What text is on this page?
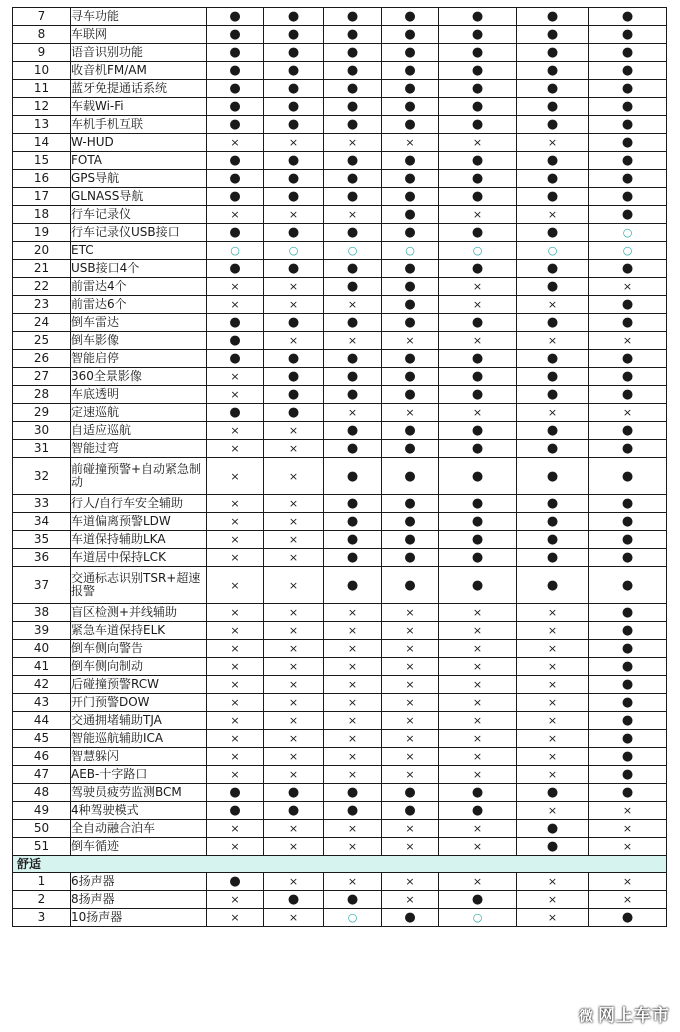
7	寻车功能	●	●	●	●	●	●	●
8	车联网	●	●	●	●	●	●	●
9	语音识别功能	●	●	●	●	●	●	●
10	收音机FM/AM	●	●	●	●	●	●	●
11	蓝牙免提通话系统	●	●	●	●	●	●	●
12	车载Wi-Fi	●	●	●	●	●	●	●
13	车机手机互联	●	●	●	●	●	●	●
14	W-HUD	×	×	×	×	×	×	●
15	FOTA	●	●	●	●	●	●	●
16	GPS导航	●	●	●	●	●	●	●
17	GLNASS导航	●	●	●	●	●	●	●
18	行车记录仪	×	×	×	●	×	×	●
19	行车记录仪USB接口	●	●	●	●	●	●	○
20	ETC	○	○	○	○	○	○	○
21	USB接口4个	●	●	●	●	●	●	●
22	前雷达4个	×	×	●	●	×	●	×
23	前雷达6个	×	×	×	●	×	×	●
24	倒车雷达	●	●	●	●	●	●	●
25	倒车影像	●	×	×	×	×	×	×
26	智能启停	●	●	●	●	●	●	●
27	360全景影像	×	●	●	●	●	●	●
28	车底透明	×	●	●	●	●	●	●
29	定速巡航	●	●	×	×	×	×	×
30	自适应巡航	×	×	●	●	●	●	●
31	智能过弯	×	×	●	●	●	●	●
32	前碰撞预警+自动紧急制动	×	×	●	●	●	●	●
33	行人/自行车安全辅助	×	×	●	●	●	●	●
34	车道偏离预警LDW	×	×	●	●	●	●	●
35	车道保持辅助LKA	×	×	●	●	●	●	●
36	车道居中保持LCK	×	×	●	●	●	●	●
37	交通标志识别TSR+超速报警	×	×	●	●	●	●	●
38	盲区检测+并线辅助	×	×	×	×	×	×	●
39	紧急车道保持ELK	×	×	×	×	×	×	●
40	倒车侧向警告	×	×	×	×	×	×	●
41	倒车侧向制动	×	×	×	×	×	×	●
42	后碰撞预警RCW	×	×	×	×	×	×	●
43	开门预警DOW	×	×	×	×	×	×	●
44	交通拥堵辅助TJA	×	×	×	×	×	×	●
45	智能巡航辅助ICA	×	×	×	×	×	×	●
46	智慧躲闪	×	×	×	×	×	×	●
47	AEB-十字路口	×	×	×	×	×	×	●
48	驾驶员疲劳监测BCM	●	●	●	●	●	●	●
49	4种驾驶模式	●	●	●	●	●	×	×
50	全自动融合泊车	×	×	×	×	×	●	×
51	倒车循迹	×	×	×	×	×	●	×
舒适								
1	6扬声器	●	×	×	×	×	×	×
2	8扬声器	×	●	●	×	●	×	×
3	10扬声器	×	×	○	●	○	×	●
微 网上车市
